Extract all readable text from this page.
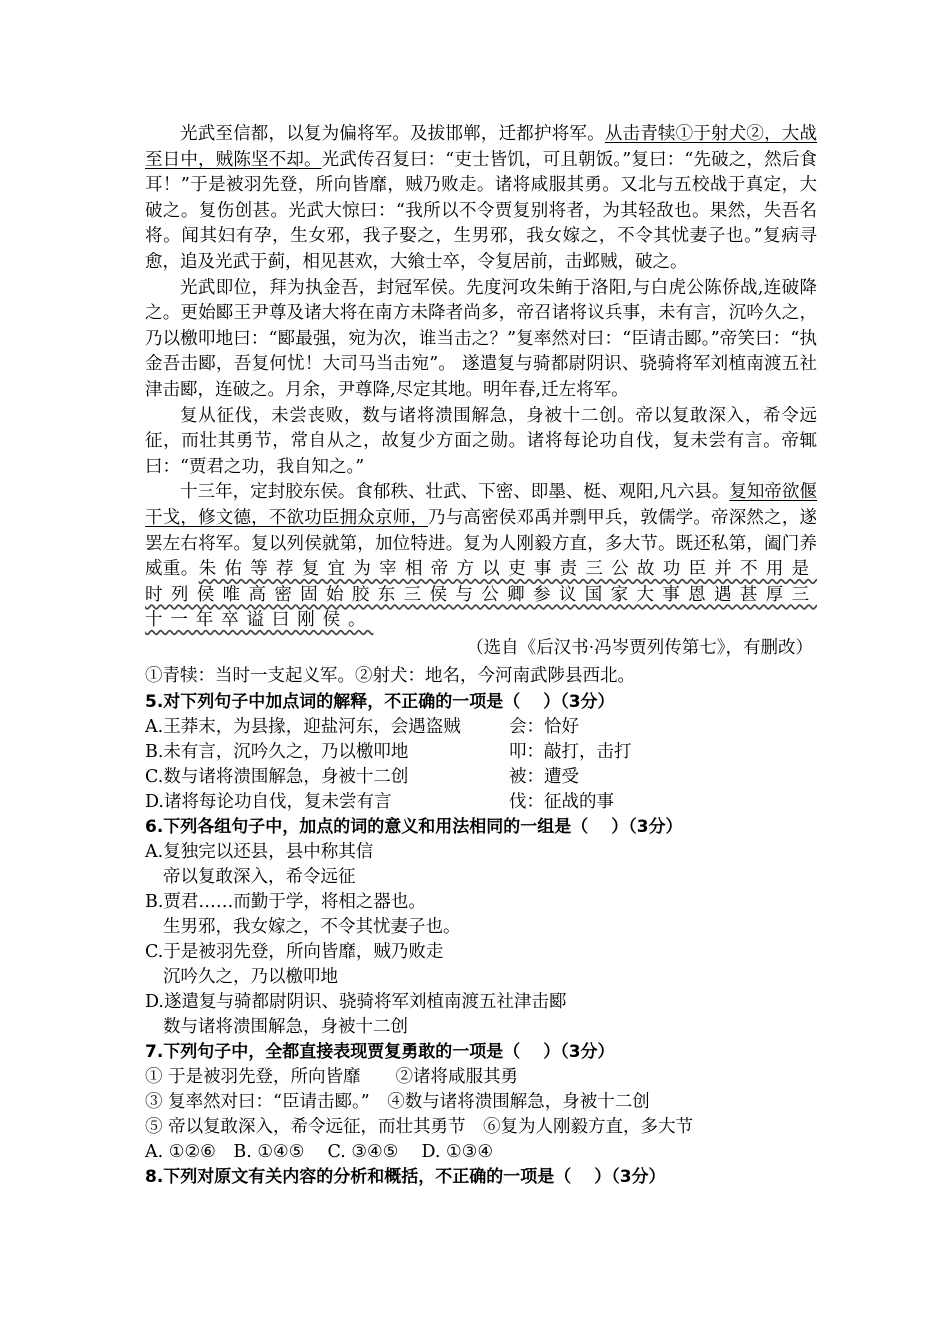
光武至信都，以复为偏将军。及拔邯郸，迁都护将军。从击青犊①于射犬②，大战至日中，贼陈坚不却。光武传召复曰：“吏士皆饥，可且朝饭。”复曰：“先破之，然后食耳！”于是被羽先登，所向皆靡，贼乃败走。诸将咸服其勇。又北与五校战于真定，大破之。复伤创甚。光武大惊曰：“我所以不令贾复别将者，为其轻敌也。果然，失吾名将。闻其妇有孕，生女邪，我子娶之，生男邪，我女嫁之，不令其忧妻子也。”复病寻愈，追及光武于蓟，相见甚欢，大飨士卒，令复居前，击邺贼，破之。

光武即位，拜为执金吾，封冠军侯。先度河攻朱鲔于洛阳,与白虎公陈侨战,连破降之。更始郾王尹尊及诸大将在南方未降者尚多，帝召诸将议兵事，未有言，沉吟久之，乃以檄叩地曰：“郾最强，宛为次，谁当击之？”复率然对曰：“臣请击郾。”帝笑曰：“执金吾击郾，吾复何忧！大司马当击宛”。 遂遣复与骑都尉阴识、骁骑将军刘植南渡五社津击郾，连破之。月余，尹尊降,尽定其地。明年春,迁左将军。

复从征伐，未尝丧败，数与诸将溃围解急，身被十二创。帝以复敢深入，希令远征，而壮其勇节，常自从之，故复少方面之勋。诸将每论功自伐，复未尝有言。帝辄曰：“贾君之功，我自知之。”

十三年，定封胶东侯。食郁秩、壮武、下密、即墨、梃、观阳,凡六县。复知帝欲偃干戈，修文德，不欲功臣拥众京师，乃与高密侯邓禹并剽甲兵，敦儒学。帝深然之，遂罢左右将军。复以列侯就第，加位特进。复为人刚毅方直，多大节。既还私第，阖门养威重。朱佑等荐复宜为宰相帝方以吏事责三公故功臣并不用是时列侯唯高密固始胶东三侯与公卿参议国家大事恩遇甚厚三十一年卒谥曰刚侯。

（选自《后汉书·冯岑贾列传第七》，有删改）

①青犊：当时一支起义军。②射犬：地名，今河南武陟县西北。

5.对下列句子中加点词的解释，不正确的一项是（　 ）（3分）

A.王莽末，为县掾，迎盐河东，会遇盗贼	会：恰好

B.未有言，沉吟久之，乃以檄叩地	叩：敲打，击打

C.数与诸将溃围解急，身被十二创	被：遭受

D.诸将每论功自伐，复未尝有言	伐：征战的事

6.下列各组句子中，加点的词的意义和用法相同的一组是（　 ）（3分）

A.复独完以还县，县中称其信

帝以复敢深入，希令远征

B.贾君……而勤于学，将相之器也。

生男邪，我女嫁之，不令其忧妻子也。

C.于是被羽先登，所向皆靡，贼乃败走

沉吟久之，乃以檄叩地

D.遂遣复与骑都尉阴识、骁骑将军刘植南渡五社津击郾

数与诸将溃围解急，身被十二创

7.下列句子中，全都直接表现贾复勇敢的一项是（　 ）（3分）

① 于是被羽先登，所向皆靡　　②诸将咸服其勇

③ 复率然对曰：“臣请击郾。”　④数与诸将溃围解急，身被十二创

⑤ 帝以复敢深入，希令远征，而壮其勇节　⑥复为人刚毅方直，多大节

A. ①②⑥　B. ①④⑤　 C. ③④⑤　 D. ①③④

8.下列对原文有关内容的分析和概括，不正确的一项是（　 ）（3分）
